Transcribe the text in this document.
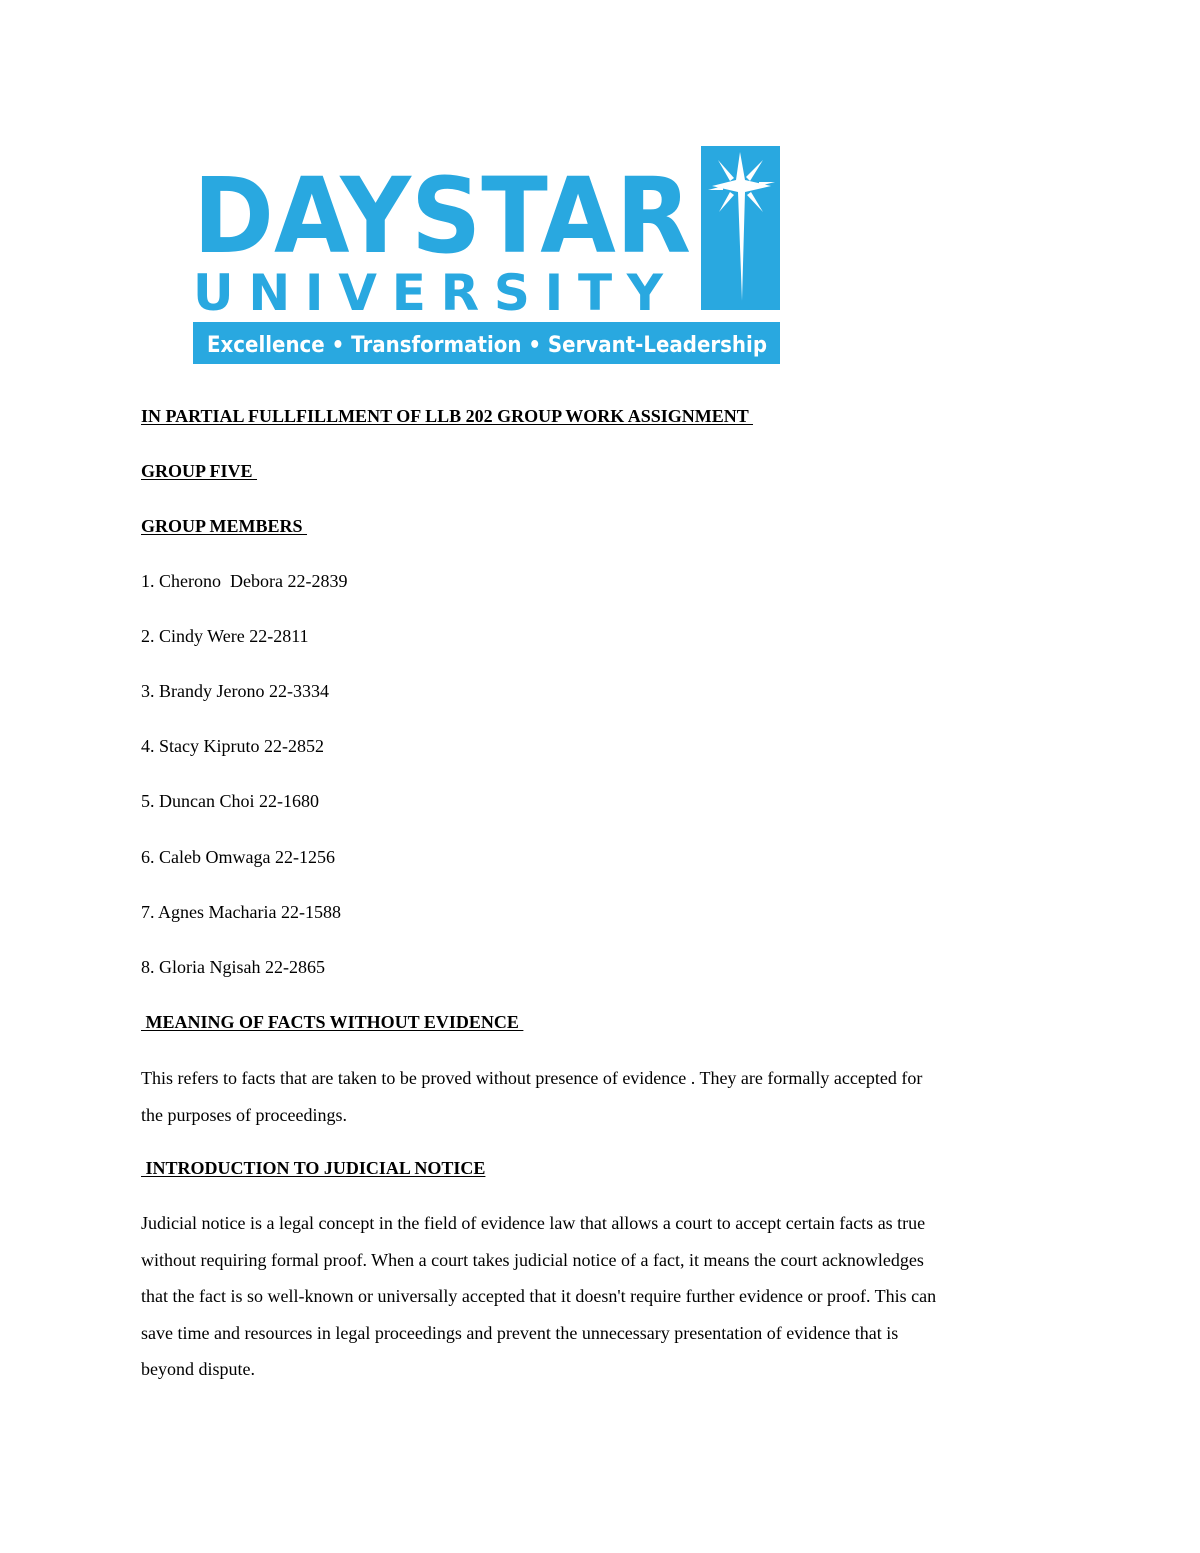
DAYSTAR
UNIVERSITY
Excellence • Transformation • Servant-Leadership

IN PARTIAL FULLFILLMENT OF LLB 202 GROUP WORK ASSIGNMENT

GROUP FIVE

GROUP MEMBERS

1. Cherono  Debora 22-2839

2. Cindy Were 22-2811

3. Brandy Jerono 22-3334

4. Stacy Kipruto 22-2852

5. Duncan Choi 22-1680

6. Caleb Omwaga 22-1256

7. Agnes Macharia 22-1588

8. Gloria Ngisah 22-2865

MEANING OF FACTS WITHOUT EVIDENCE

This refers to facts that are taken to be proved without presence of evidence . They are formally accepted for
the purposes of proceedings.

INTRODUCTION TO JUDICIAL NOTICE

Judicial notice is a legal concept in the field of evidence law that allows a court to accept certain facts as true
without requiring formal proof. When a court takes judicial notice of a fact, it means the court acknowledges
that the fact is so well-known or universally accepted that it doesn't require further evidence or proof. This can
save time and resources in legal proceedings and prevent the unnecessary presentation of evidence that is
beyond dispute.
